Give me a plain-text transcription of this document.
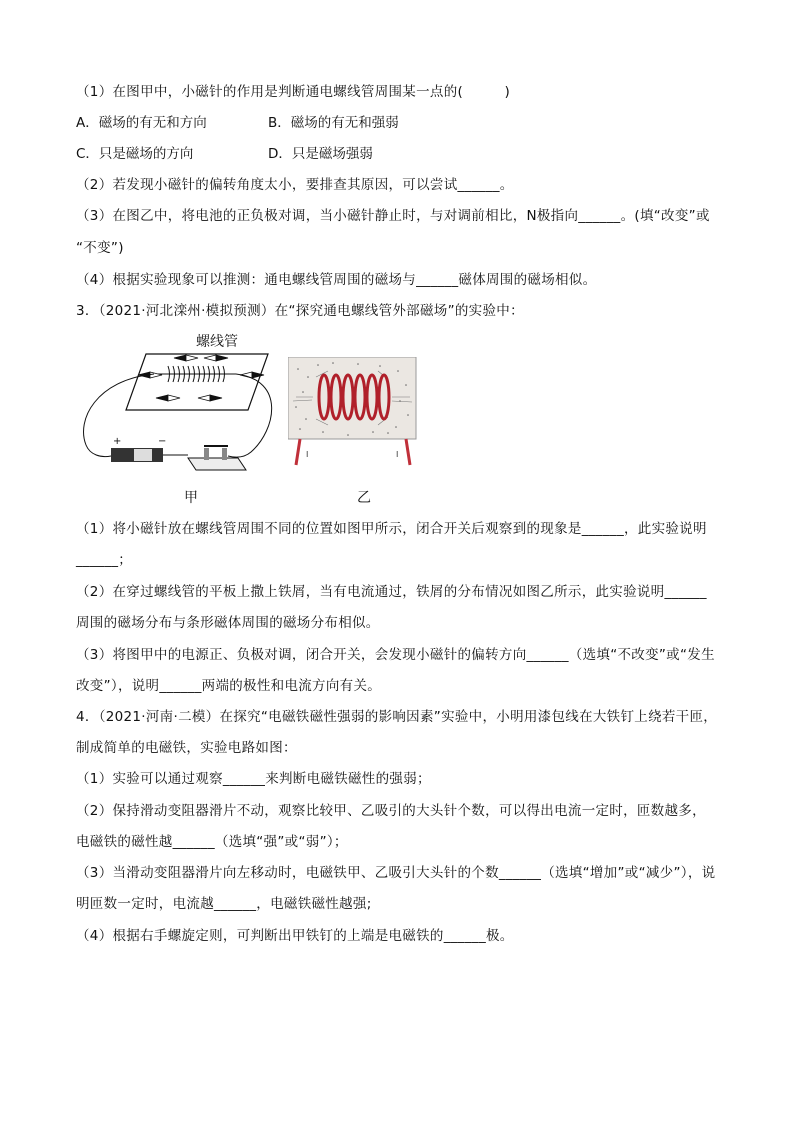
（1）在图甲中，小磁针的作用是判断通电螺线管周围某一点的(　　　)
A．磁场的有无和方向	B．磁场的有无和强弱
C．只是磁场的方向	D．只是磁场强弱
（2）若发现小磁针的偏转角度太小，要排查其原因，可以尝试______。
（3）在图乙中，将电池的正负极对调，当小磁针静止时，与对调前相比，N极指向______。(填“改变”或
“不变”)
（4）根据实验现象可以推测：通电螺线管周围的磁场与______磁体周围的磁场相似。
3．（2021·河北滦州·模拟预测）在“探究通电螺线管外部磁场”的实验中：
+	−
螺线管
甲
I	I
乙
（1）将小磁针放在螺线管周围不同的位置如图甲所示，闭合开关后观察到的现象是______，此实验说明
______；
（2）在穿过螺线管的平板上撒上铁屑，当有电流通过，铁屑的分布情况如图乙所示，此实验说明______
周围的磁场分布与条形磁体周围的磁场分布相似。
（3）将图甲中的电源正、负极对调，闭合开关，会发现小磁针的偏转方向______（选填“不改变”或“发生
改变”），说明______两端的极性和电流方向有关。
4．（2021·河南·二模）在探究“电磁铁磁性强弱的影响因素”实验中，小明用漆包线在大铁钉上绕若干匝，
制成简单的电磁铁，实验电路如图：
（1）实验可以通过观察______来判断电磁铁磁性的强弱；
（2）保持滑动变阻器滑片不动，观察比较甲、乙吸引的大头针个数，可以得出电流一定时，匝数越多，
电磁铁的磁性越______（选填“强”或“弱”）；
（3）当滑动变阻器滑片向左移动时，电磁铁甲、乙吸引大头针的个数______（选填“增加”或“减少”），说
明匝数一定时，电流越______，电磁铁磁性越强;
（4）根据右手螺旋定则，可判断出甲铁钉的上端是电磁铁的______极。
